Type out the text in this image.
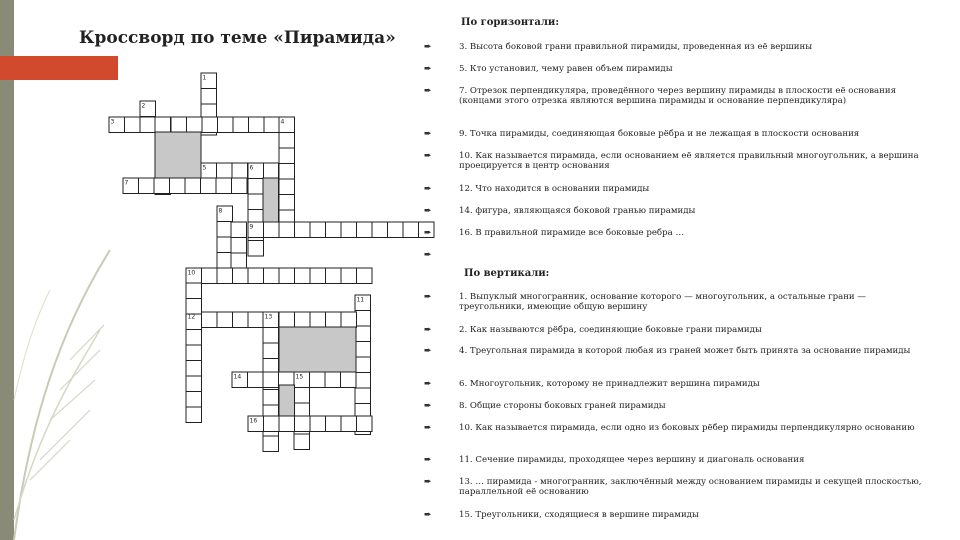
Кроссворд по теме «Пирамида»
1
2
3	4
5	6
7
8
9
10
11
12	13
14	15
16
По горизонтали:
➨	3. Высота боковой грани правильной пирамиды, проведенная из её вершины
➨	5. Кто установил, чему равен объем пирамиды
➨	7. Отрезок перпендикуляра, проведённого через вершину пирамиды в плоскости её основания (концами этого отрезка являются вершина пирамиды и основание перпендикуляра)
➨	9. Точка пирамиды, соединяющая боковые рёбра и не лежащая в плоскости основания
➨	10. Как называется пирамида, если основанием её является правильный многоугольник, а вершина проецируется в центр основания
➨	12. Что находится в основании пирамиды
➨	14. фигура, являющаяся боковой гранью пирамиды
➨	16. В правильной пирамиде все боковые ребра …
➨
По вертикали:
➨	1. Выпуклый многогранник, основание которого — многоугольник, а остальные грани — треугольники, имеющие общую вершину
➨	2. Как называются рёбра, соединяющие боковые грани пирамиды
➨	4. Треугольная пирамида в которой любая из граней может быть принята за основание пирамиды
➨	6. Многоугольник, которому не принадлежит вершина пирамиды
➨	8. Общие стороны боковых граней пирамиды
➨	10. Как называется пирамида, если одно из боковых рёбер пирамиды перпендикулярно основанию
➨	11. Сечение пирамиды, проходящее через вершину и диагональ основания
➨	13. … пирамида - многогранник, заключённый между основанием пирамиды и секущей плоскостью, параллельной её основанию
➨	15. Треугольники, сходящиеся в вершине пирамиды
